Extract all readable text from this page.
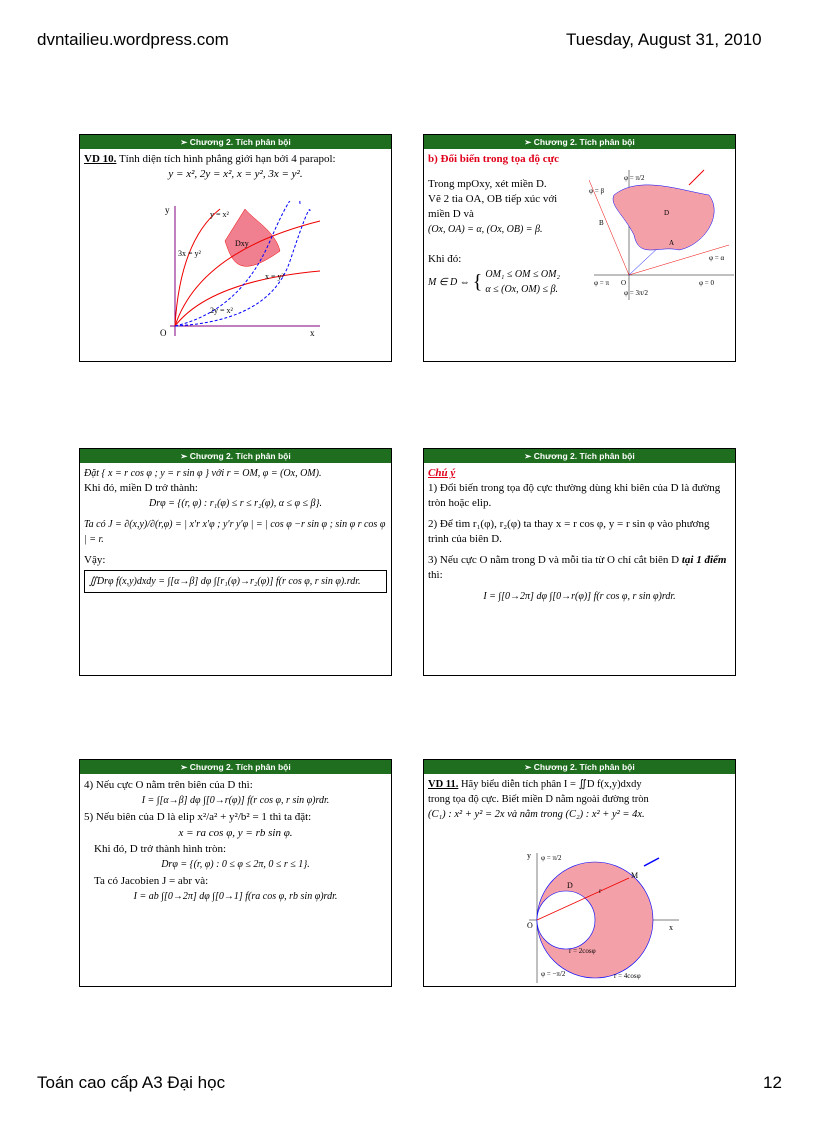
dvntailieu.wordpress.com	Tuesday, August 31, 2010
➢ Chương 2. Tích phân bội
VD 10. Tính diện tích hình phẳng giới hạn bởi 4 parapol:
y = x², 2y = x², x = y², 3x = y².
y
x
O
y = x²
3x = y²
x = y²
2y = x²
Dxy
➢ Chương 2. Tích phân bội
b) Đổi biến trong tọa độ cực
Trong mpOxy, xét miền D.
Vẽ 2 tia OA, OB tiếp xúc với
miền D và
(Ox, OA) = α, (Ox, OB) = β.
Khi đó:
M ∈ D ⇔ { OM₁ ≤ OM ≤ OM₂
α ≤ (Ox, OM) ≤ β.
φ = β
φ = π/2
φ = α
φ = π	φ = 0
φ = 3π/2
D
A
B
O
➢ Chương 2. Tích phân bội
Đặt { x = r cos φ ; y = r sin φ } với r = OM, φ = (Ox, OM).
Khi đó, miền D trở thành:
Drφ = {(r, φ) : r₁(φ) ≤ r ≤ r₂(φ), α ≤ φ ≤ β}.
Ta có J = ∂(x,y)/∂(r,φ) = | x′r x′φ ; y′r y′φ | = | cos φ −r sin φ ; sin φ r cos φ | = r.
Vậy:
∬Drφ f(x,y)dxdy = ∫[α→β] dφ ∫[r₁(φ)→r₂(φ)] f(r cos φ, r sin φ).rdr.
➢ Chương 2. Tích phân bội
Chú ý
1) Đổi biến trong tọa độ cực thường dùng khi biên của D là đường tròn hoặc elip.
2) Để tìm r₁(φ), r₂(φ) ta thay x = r cos φ, y = r sin φ vào phương trình của biên D.
3) Nếu cực O nằm trong D và mỗi tia từ O chỉ cắt biên D tại 1 điểm thì:
I = ∫[0→2π] dφ ∫[0→r(φ)] f(r cos φ, r sin φ)rdr.
➢ Chương 2. Tích phân bội
4) Nếu cực O nằm trên biên của D thì:
I = ∫[α→β] dφ ∫[0→r(φ)] f(r cos φ, r sin φ)rdr.
5) Nếu biên của D là elip x²/a² + y²/b² = 1 thì ta đặt:
x = ra cos φ, y = rb sin φ.
Khi đó, D trở thành hình tròn:
Drφ = {(r, φ) : 0 ≤ φ ≤ 2π, 0 ≤ r ≤ 1}.
Ta có Jacobien J = abr và:
I = ab ∫[0→2π] dφ ∫[0→1] f(ra cos φ, rb sin φ)rdr.
➢ Chương 2. Tích phân bội
VD 11. Hãy biểu diễn tích phân I = ∬D f(x,y)dxdy
trong tọa độ cực. Biết miền D nằm ngoài đường tròn
(C₁) : x² + y² = 2x và nằm trong (C₂) : x² + y² = 4x.
φ = π/2
φ = −π/2
D
M
r
O	x
y
r = 2cosφ
r = 4cosφ
Toán cao cấp A3 Đại học	12
